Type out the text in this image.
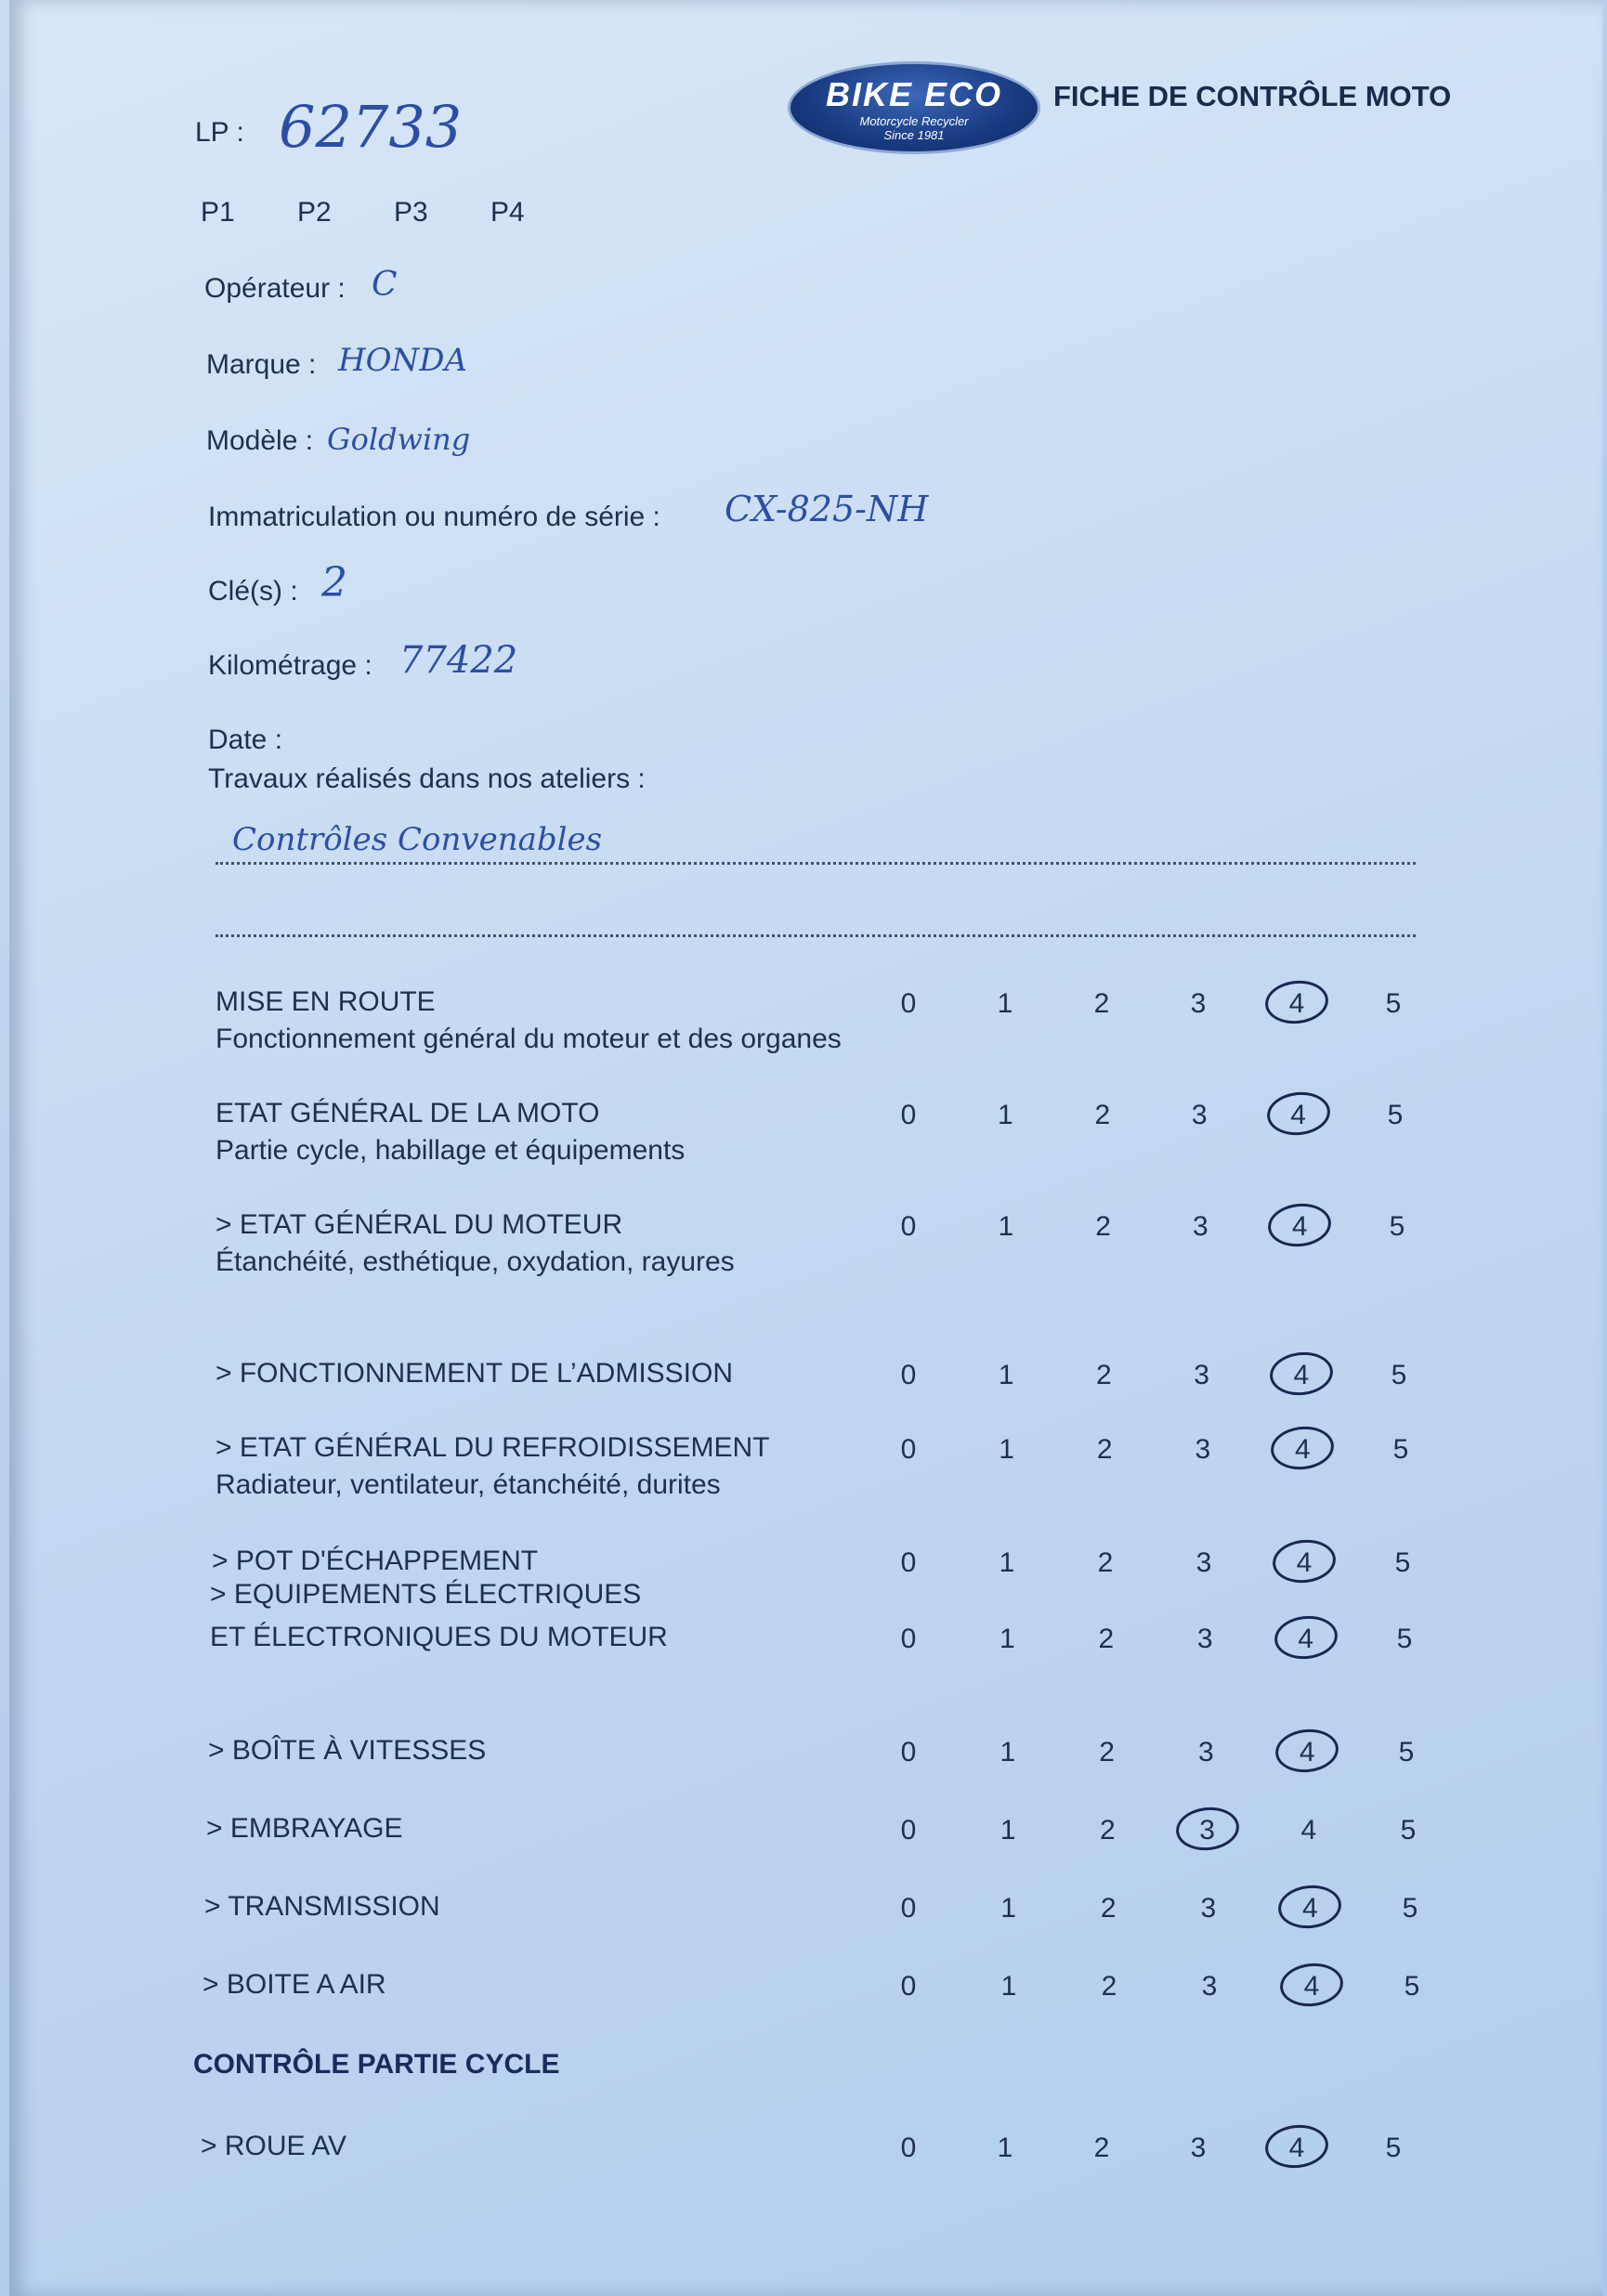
LP : 62733	BIKE ECO
Motorcycle Recycler
Since 1981
FICHE DE CONTRÔLE MOTO
P1 P2 P3 P4
Opérateur : C
Marque : HONDA
Modèle : Goldwing
Immatriculation ou numéro de série : CX-825-NH
Clé(s) : 2
Kilométrage : 77422
Date :
Travaux réalisés dans nos ateliers :
Contrôles Convenables
MISE EN ROUTE
Fonctionnement général du moteur et des organes
0	1	2	3	4	5
ETAT GÉNÉRAL DE LA MOTO
Partie cycle, habillage et équipements
0	1	2	3	4	5
> ETAT GÉNÉRAL DU MOTEUR
Étanchéité, esthétique, oxydation, rayures
0	1	2	3	4	5
> FONCTIONNEMENT DE L’ADMISSION	0	1	2	3	4	5
> ETAT GÉNÉRAL DU REFROIDISSEMENT
Radiateur, ventilateur, étanchéité, durites
0	1	2	3	4	5
> POT D'ÉCHAPPEMENT	0	1	2	3	4	5
> EQUIPEMENTS ÉLECTRIQUES
ET ÉLECTRONIQUES DU MOTEUR	0	1	2	3	4	5
> BOÎTE À VITESSES	0	1	2	3	4	5
> EMBRAYAGE	0	1	2	3	4	5
> TRANSMISSION	0	1	2	3	4	5
> BOITE A AIR	0	1	2	3	4	5
> ROUE AV	0	1	2	3	4	5
CONTRÔLE PARTIE CYCLE
